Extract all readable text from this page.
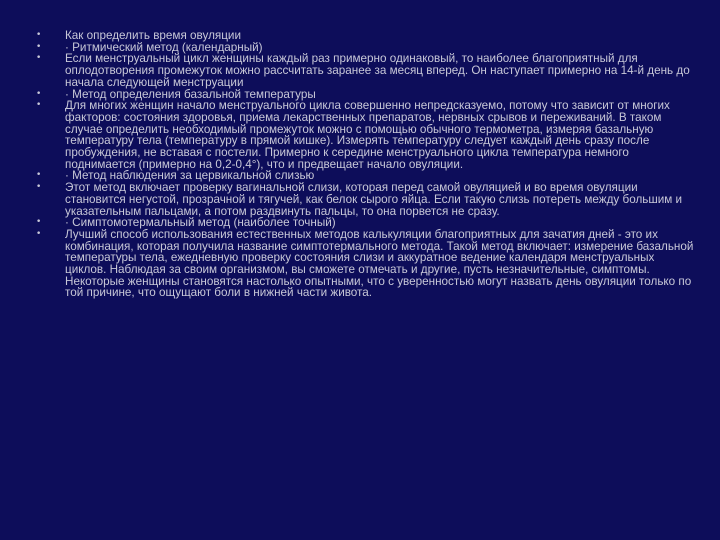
•	Как определить время овуляции
•	· Ритмический метод (календарный)
•	Если менструальный цикл женщины каждый раз примерно одинаковый, то наиболее благоприятный для оплодотворения промежуток можно рассчитать заранее за месяц вперед. Он наступает примерно на 14-й день до начала следующей менструации
•	· Метод определения базальной температуры
•	Для многих женщин начало менструального цикла совершенно непредсказуемо, потому что зависит от многих факторов: состояния здоровья, приема лекарственных препаратов, нервных срывов и переживаний. В таком случае определить необходимый промежуток можно с помощью обычного термометра, измеряя базальную температуру тела (температуру в прямой кишке). Измерять температуру следует каждый день сразу после пробуждения, не вставая с постели. Примерно к середине менструального цикла температура немного поднимается (примерно на 0,2-0,4°), что и предвещает начало овуляции.
•	· Метод наблюдения за цервикальной слизью
•	Этот метод включает проверку вагинальной слизи, которая перед самой овуляцией и во время овуляции становится негустой, прозрачной и тягучей, как белок сырого яйца. Если такую слизь потереть между большим и указательным пальцами, а потом раздвинуть пальцы, то она порвется не сразу.
•	· Симптомотермальный метод (наиболее точный)
•	Лучший способ использования естественных методов калькуляции благоприятных для зачатия дней - это их комбинация, которая получила название симптотермального метода. Такой метод включает: измерение базальной температуры тела, ежедневную проверку состояния слизи и аккуратное ведение календаря менструальных циклов. Наблюдая за своим организмом, вы сможете отмечать и другие, пусть незначительные, симптомы. Некоторые женщины становятся настолько опытными, что с уверенностью могут назвать день овуляции только по той причине, что ощущают боли в нижней части живота.
